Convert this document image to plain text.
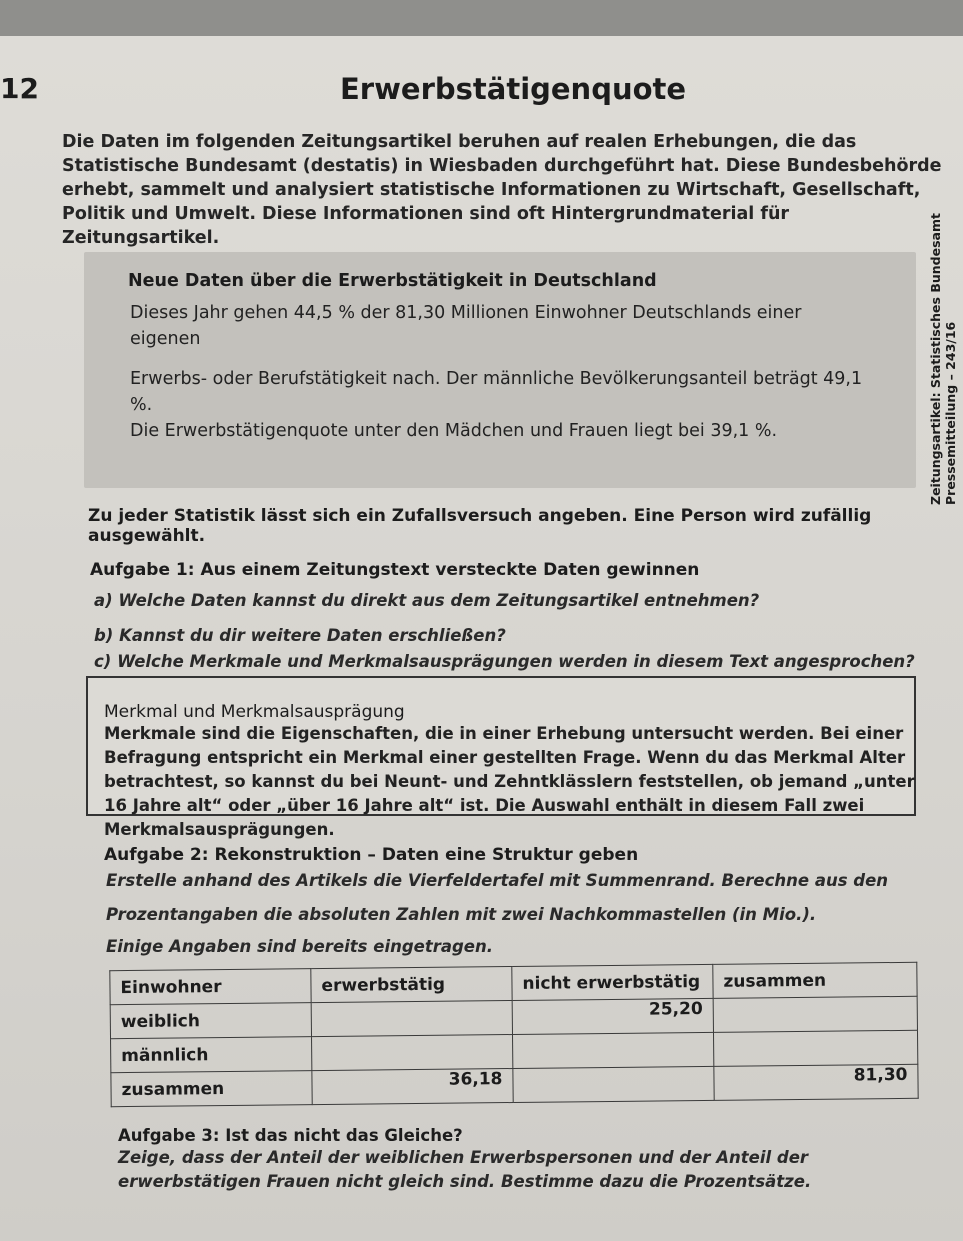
12	Erwerbstätigenquote

Die Daten im folgenden Zeitungsartikel beruhen auf realen Erhebungen, die das Statistische Bundesamt (destatis) in Wiesbaden durchgeführt hat. Diese Bundesbehörde erhebt, sammelt und analysiert statistische Informationen zu Wirtschaft, Gesellschaft, Politik und Umwelt. Diese Informationen sind oft Hintergrundmaterial für Zeitungsartikel.

Neue Daten über die Erwerbstätigkeit in Deutschland

Dieses Jahr gehen 44,5 % der 81,30 Millionen Einwohner Deutschlands einer eigenen

Erwerbs- oder Berufstätigkeit nach. Der männliche Bevölkerungsanteil beträgt 49,1 %.

Die Erwerbstätigenquote unter den Mädchen und Frauen liegt bei 39,1 %.	Zeitungsartikel: Statistisches Bundesamt Pressemitteilung – 243/16

Zu jeder Statistik lässt sich ein Zufallsversuch angeben. Eine Person wird zufällig ausgewählt.

Aufgabe 1: Aus einem Zeitungstext versteckte Daten gewinnen
a) Welche Daten kannst du direkt aus dem Zeitungsartikel entnehmen?
b) Kannst du dir weitere Daten erschließen?
c) Welche Merkmale und Merkmalsausprägungen werden in diesem Text angesprochen?
Merkmal und Merkmalsausprägung

Merkmale sind die Eigenschaften, die in einer Erhebung untersucht werden. Bei einer Befragung entspricht ein Merkmal einer gestellten Frage. Wenn du das Merkmal Alter betrachtest, so kannst du bei Neunt- und Zehntklässlern feststellen, ob jemand „unter 16 Jahre alt“ oder „über 16 Jahre alt“ ist. Die Auswahl enthält in diesem Fall zwei Merkmalsausprägungen.

Aufgabe 2: Rekonstruktion – Daten eine Struktur geben
Erstelle anhand des Artikels die Vierfeldertafel mit Summenrand. Berechne aus den
Prozentangaben die absoluten Zahlen mit zwei Nachkommastellen (in Mio.).
Einige Angaben sind bereits eingetragen.
Einwohner	erwerbstätig	nicht erwerbstätig	zusammen
weiblich		25,20	
männlich			
zusammen	36,18		81,30
Aufgabe 3: Ist das nicht das Gleiche?

Zeige, dass der Anteil der weiblichen Erwerbspersonen und der Anteil der erwerbstätigen Frauen nicht gleich sind. Bestimme dazu die Prozentsätze.
